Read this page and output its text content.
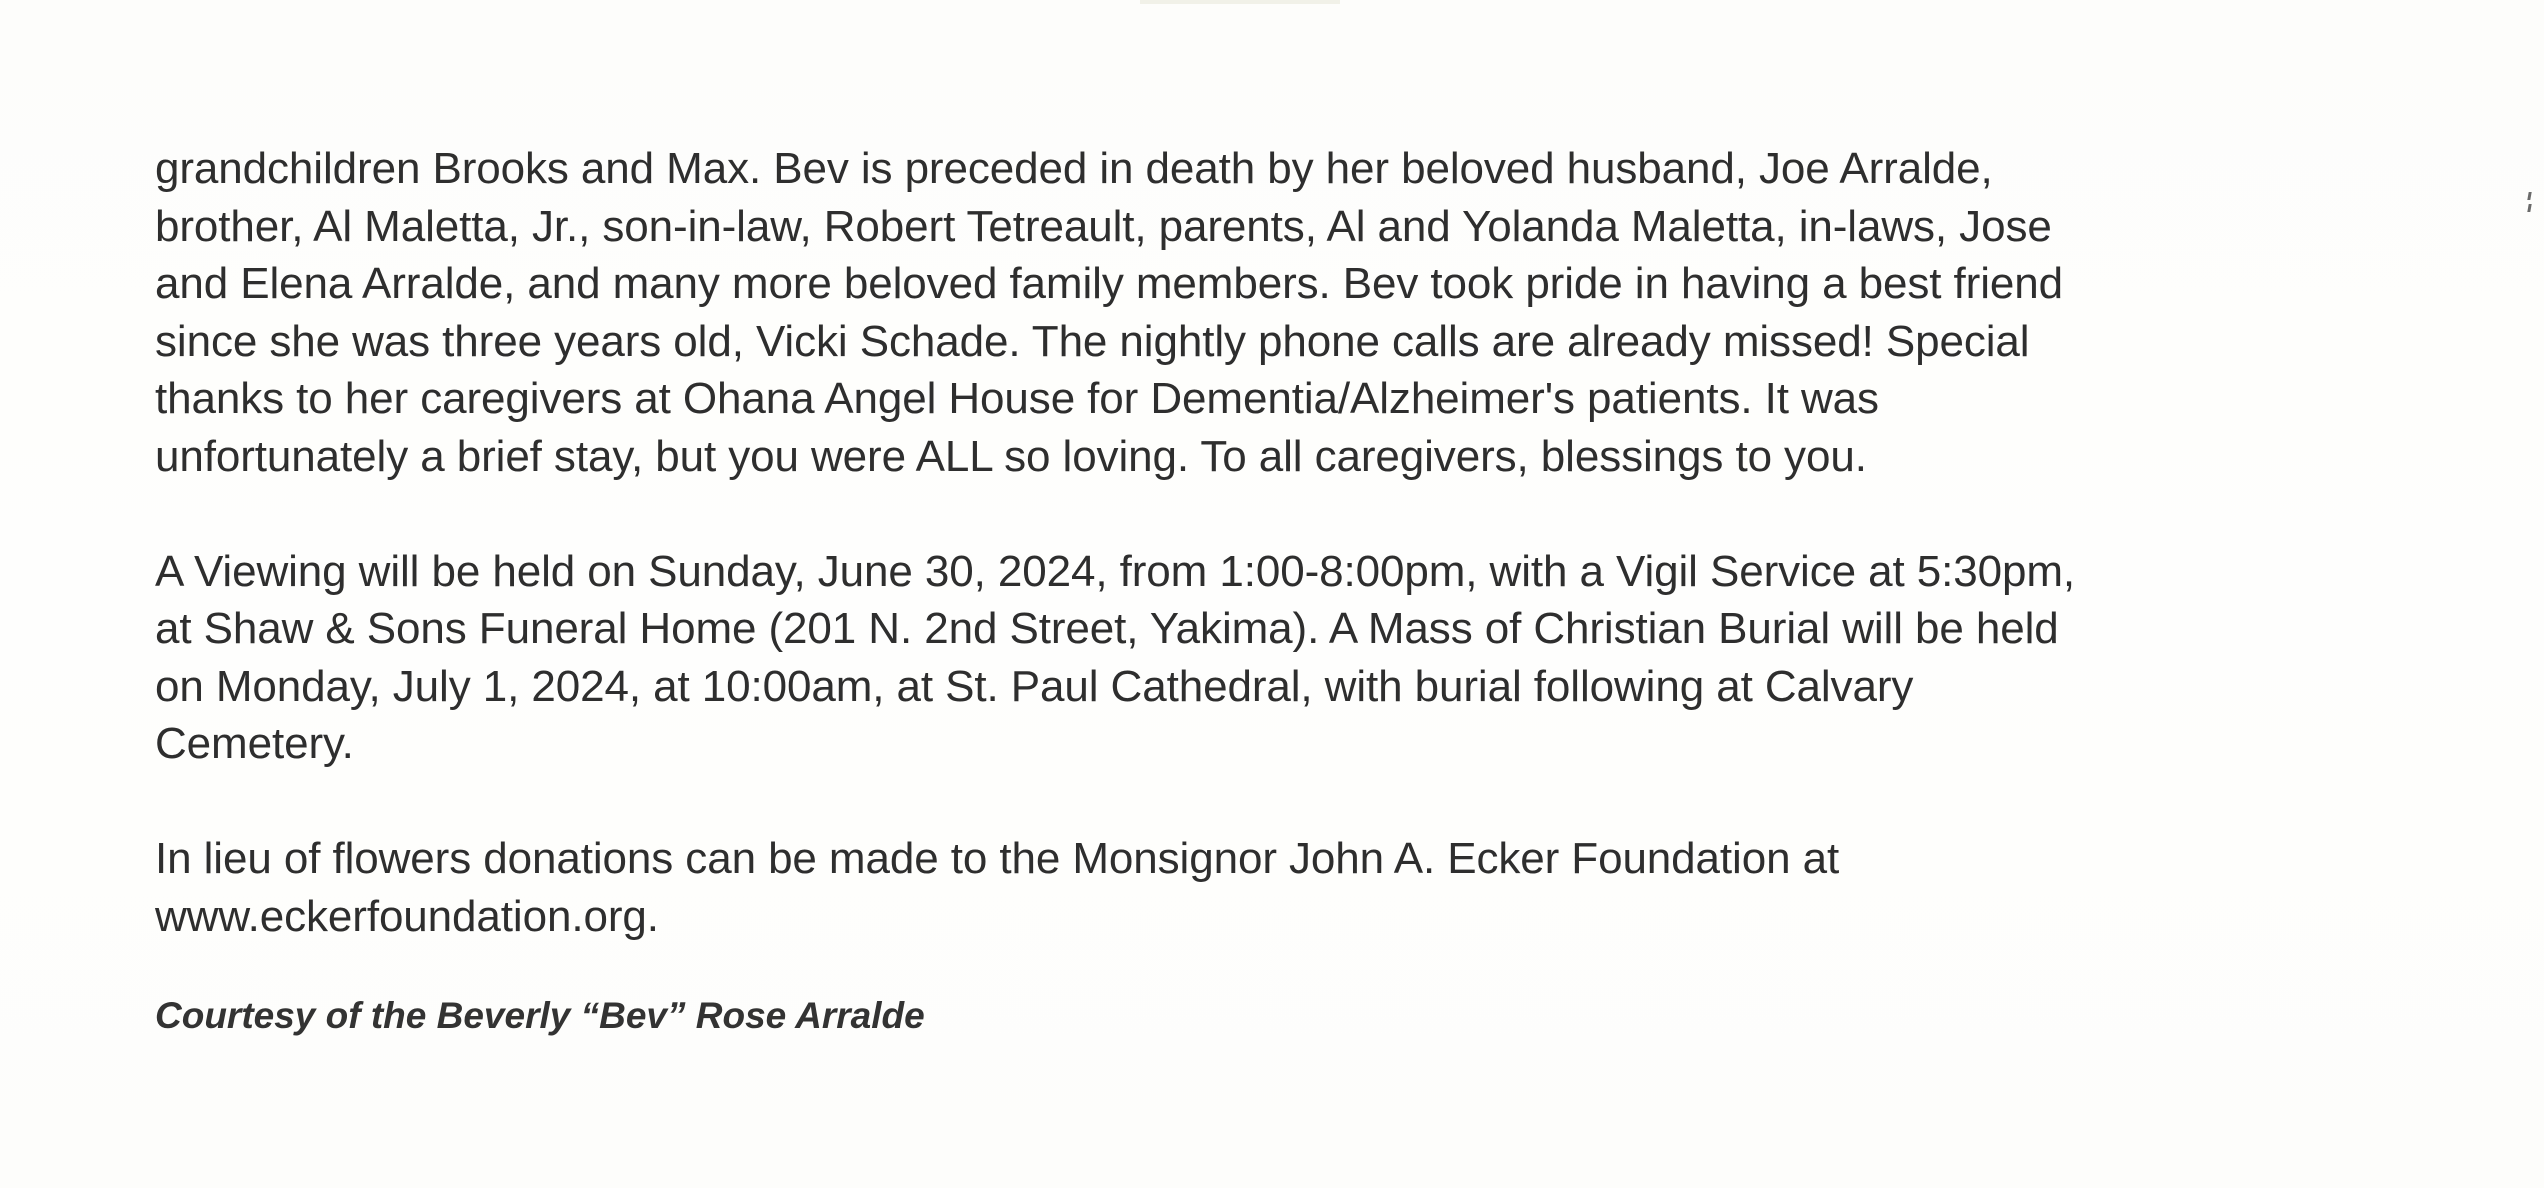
grandchildren Brooks and Max. Bev is preceded in death by her beloved husband, Joe Arralde,
brother, Al Maletta, Jr., son-in-law, Robert Tetreault, parents, Al and Yolanda Maletta, in-laws, Jose
and Elena Arralde, and many more beloved family members. Bev took pride in having a best friend
since she was three years old, Vicki Schade. The nightly phone calls are already missed! Special
thanks to her caregivers at Ohana Angel House for Dementia/Alzheimer's patients. It was
unfortunately a brief stay, but you were ALL so loving. To all caregivers, blessings to you.

A Viewing will be held on Sunday, June 30, 2024, from 1:00-8:00pm, with a Vigil Service at 5:30pm,
at Shaw & Sons Funeral Home (201 N. 2nd Street, Yakima). A Mass of Christian Burial will be held
on Monday, July 1, 2024, at 10:00am, at St. Paul Cathedral, with burial following at Calvary
Cemetery.

In lieu of flowers donations can be made to the Monsignor John A. Ecker Foundation at
www.eckerfoundation.org.

Courtesy of the Beverly “Bev” Rose Arralde
